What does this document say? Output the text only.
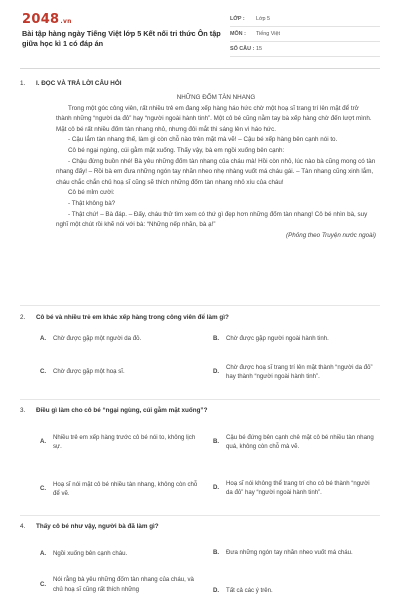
2048.vn
Bài tập hàng ngày Tiếng Việt lớp 5 Kết nối tri thức Ôn tập giữa học kì 1 có đáp án
LỚP :	Lớp 5
MÔN :	Tiếng Việt
SỐ CÂU : 15
1. I. ĐỌC VÀ TRẢ LỜI CÂU HỎI

NHỮNG ĐỐM TÀN NHANG

Trong một góc công viên, rất nhiều trẻ em đang xếp hàng háo hức chờ một hoạ sĩ trang trí lên mặt để trở thành những “người da đỏ” hay “người ngoài hành tinh”. Một cô bé cũng nằm tay bà xếp hàng chờ đến lượt mình. Mặt cô bé rất nhiều đốm tàn nhang nhỏ, nhưng đôi mắt thì sáng lên vì háo hức.

- Cậu lắm tàn nhang thế, làm gì còn chỗ nào trên mặt mà vẽ! – Cậu bé xếp hàng bên cạnh nói to.

Cô bé ngại ngùng, cúi gằm mặt xuống. Thấy vậy, bà em ngồi xuống bên cạnh:

- Chậu đừng buồn nhé! Bà yêu những đốm tàn nhang của cháu mà! Hồi còn nhỏ, lúc nào bà cũng mong có tàn nhang đấy! – Rồi bà em đưa những ngón tay nhăn nheo nhẹ nhàng vuốt má cháu gái. – Tàn nhang cũng xinh lắm, cháu chắc chắn chủ hoạ sĩ cũng sẽ thích những đốm tàn nhang nhỏ xíu của cháu!

Cô bé mỉm cười:

- Thật không bà?

- Thật chứ! – Bà đáp. – Đấy, cháu thử tìm xem có thứ gì đẹp hơn những đốm tàn nhang! Cô bé nhìn bà, suy nghĩ một chút rồi khẽ nói với bà: “Những nếp nhăn, bà ạ!”

(Phỏng theo Truyện nước ngoài)

2. Cô bé và nhiều trẻ em khác xếp hàng trong công viên để làm gì?
A.	Chờ được gặp một người da đỏ.	B.	Chờ được gặp người ngoài hành tinh.
C.	Chờ được gặp một hoạ sĩ.	D.
Chờ được hoạ sĩ trang trí lên mặt thành “người da đỏ” hay thành “người ngoài hành tinh”.
3. Điều gì làm cho cô bé “ngại ngùng, cúi gằm mặt xuống”?
A.
Nhiều trẻ em xếp hàng trước cô bé nói to, không lịch sự.
B.
Cậu bé đứng bên cạnh chê mặt cô bé nhiều tàn nhang quá, không còn chỗ mà vẽ.
C.
Hoạ sĩ nói mặt cô bé nhiều tàn nhang, không còn chỗ để vẽ.
D.
Hoạ sĩ nói không thể trang trí cho cô bé thành “người da đỏ” hay “người ngoài hành tinh”.
4. Thấy cô bé như vậy, người bà đã làm gì?
A.	Ngồi xuống bên cạnh cháu.	B.	Đưa những ngón tay nhăn nheo vuốt má cháu.
C.
Nói rằng bà yêu những đốm tàn nhang của cháu, và chủ hoạ sĩ cũng rất thích những	D.	Tất cả các ý trên.
